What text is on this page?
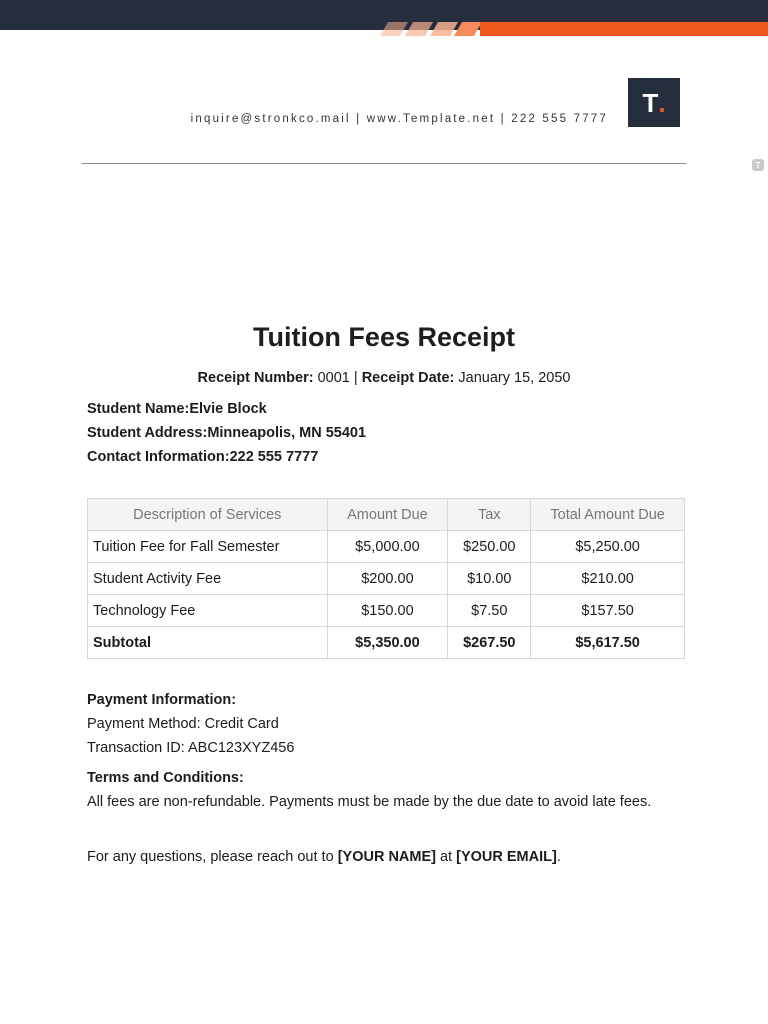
inquire@stronkco.mail | www.Template.net | 222 555 7777
T .
T
Tuition Fees Receipt
Receipt Number: 0001 | Receipt Date: January 15, 2050
Student Name:Elvie Block
Student Address:Minneapolis, MN 55401
Contact Information:222 555 7777
Description of Services	Amount Due	Tax	Total Amount Due
Tuition Fee for Fall Semester	$5,000.00	$250.00	$5,250.00
Student Activity Fee	$200.00	$10.00	$210.00
Technology Fee	$150.00	$7.50	$157.50
Subtotal	$5,350.00	$267.50	$5,617.50
Payment Information:
Payment Method: Credit Card
Transaction ID: ABC123XYZ456
Terms and Conditions:
All fees are non-refundable. Payments must be made by the due date to avoid late fees.
For any questions, please reach out to [YOUR NAME] at [YOUR EMAIL].
